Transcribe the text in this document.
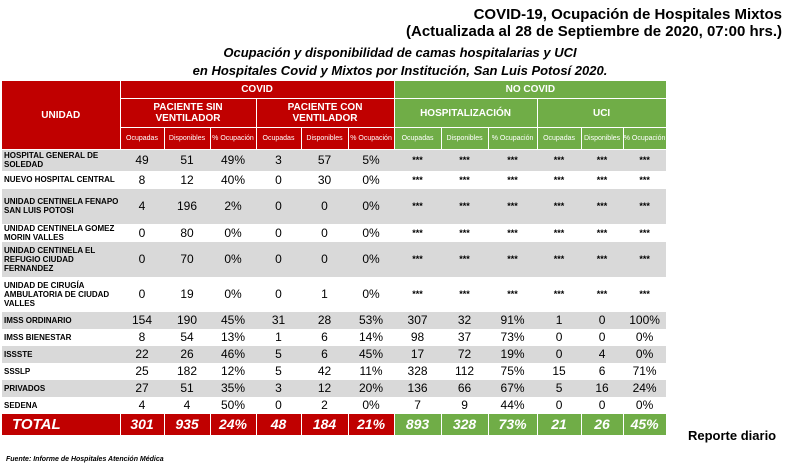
COVID-19, Ocupación de Hospitales Mixtos
(Actualizada al 28 de Septiembre de 2020, 07:00 hrs.)
Ocupación y disponibilidad de camas hospitalarias y UCI
en Hospitales Covid y Mixtos por Institución, San Luis Potosí 2020.
UNIDAD	COVID						NO COVID					
	PACIENTE SIN VENTILADOR			PACIENTE CON VENTILADOR			HOSPITALIZACIÓN			UCI		
	Ocupadas	Disponibles	% Ocupación	Ocupadas	Disponibles	% Ocupación	Ocupadas	Disponibles	% Ocupación	Ocupadas	Disponibles	% Ocupación
HOSPITAL GENERAL DE SOLEDAD	49	51	49%	3	57	5%	***	***	***	***	***	***
NUEVO HOSPITAL CENTRAL	8	12	40%	0	30	0%	***	***	***	***	***	***
UNIDAD CENTINELA FENAPO SAN LUIS POTOSI	4	196	2%	0	0	0%	***	***	***	***	***	***
UNIDAD CENTINELA GOMEZ MORIN VALLES	0	80	0%	0	0	0%	***	***	***	***	***	***
UNIDAD CENTINELA EL REFUGIO CIUDAD FERNANDEZ	0	70	0%	0	0	0%	***	***	***	***	***	***
UNIDAD DE CIRUGÍA AMBULATORIA DE CIUDAD VALLES	0	19	0%	0	1	0%	***	***	***	***	***	***
IMSS ORDINARIO	154	190	45%	31	28	53%	307	32	91%	1	0	100%
IMSS BIENESTAR	8	54	13%	1	6	14%	98	37	73%	0	0	0%
ISSSTE	22	26	46%	5	6	45%	17	72	19%	0	4	0%
SSSLP	25	182	12%	5	42	11%	328	112	75%	15	6	71%
PRIVADOS	27	51	35%	3	12	20%	136	66	67%	5	16	24%
SEDENA	4	4	50%	0	2	0%	7	9	44%	0	0	0%
TOTAL	301	935	24%	48	184	21%	893	328	73%	21	26	45%
Reporte diario
Fuente: Informe de Hospitales Atención Médica
